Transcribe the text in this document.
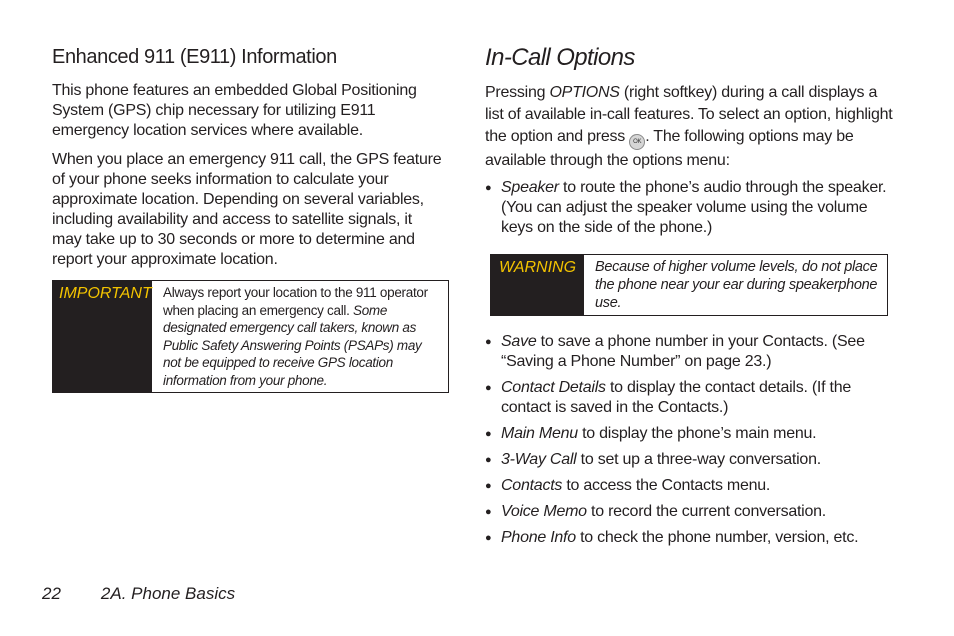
Enhanced 911 (E911) Information

This phone features an embedded Global Positioning System (GPS) chip necessary for utilizing E911 emergency location services where available.

When you place an emergency 911 call, the GPS feature of your phone seeks information to calculate your approximate location. Depending on several variables, including availability and access to satellite signals, it may take up to 30 seconds or more to determine and report your approximate location.

IMPORTANT Always report your location to the 911 operator when placing an emergency call. Some designated emergency call takers, known as Public Safety Answering Points (PSAPs) may not be equipped to receive GPS location information from your phone.
In-Call Options

Pressing OPTIONS (right softkey) during a call displays a list of available in-call features. To select an option, highlight the option and press OK . The following options may be available through the options menu:

● Speaker to route the phone’s audio through the speaker. (You can adjust the speaker volume using the volume keys on the side of the phone.)
WARNING	Because of higher volume levels, do not place the phone near your ear during speakerphone use.
● Save to save a phone number in your Contacts. (See “Saving a Phone Number” on page 23.)
● Contact Details to display the contact details. (If the contact is saved in the Contacts.)
● Main Menu to display the phone’s main menu.
● 3-Way Call to set up a three-way conversation.
● Contacts to access the Contacts menu.
● Voice Memo to record the current conversation.
● Phone Info to check the phone number, version, etc.
22 2A. Phone Basics
